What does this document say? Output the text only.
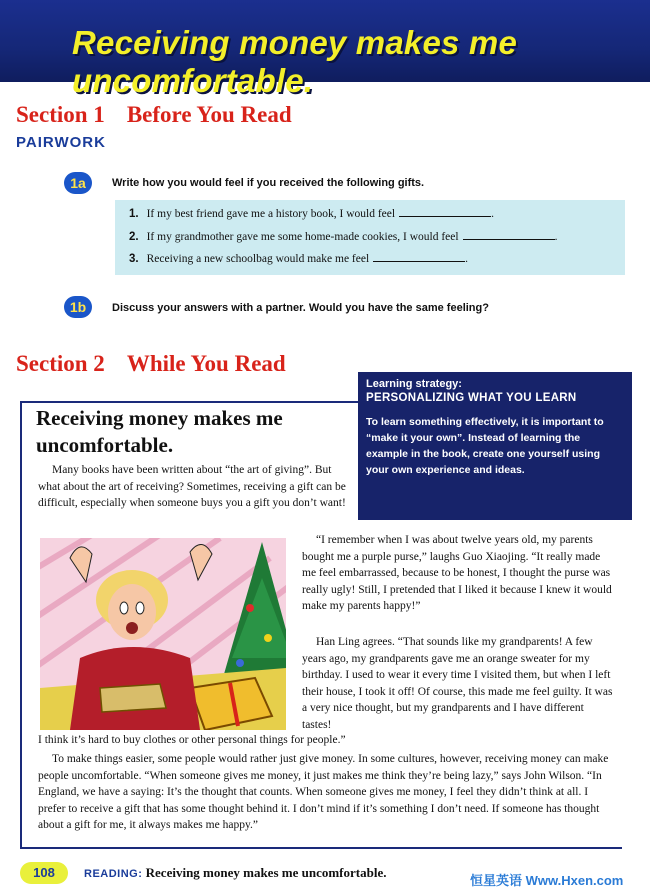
Receiving money makes me uncomfortable.
Section 1 Before You Read
PAIRWORK
1a	Write how you would feel if you received the following gifts.
1. If my best friend gave me a history book, I would feel	.
2. If my grandmother gave me some home-made cookies, I would feel	.
3. Receiving a new schoolbag would make me feel	.
1b	Discuss your answers with a partner. Would you have the same feeling?
Section 2 While You Read
Receiving money makes me uncomfortable.
Learning strategy:
PERSONALIZING WHAT YOU LEARN
To learn something effectively, it is important to “make it your own”. Instead of learning the example in the book, create one yourself using your own experience and ideas.
Many books have been written about “the art of giving”. But what about the art of receiving? Sometimes, receiving a gift can be difficult, especially when someone buys you a gift you don’t want!
“I remember when I was about twelve years old, my parents bought me a purple purse,” laughs Guo Xiaojing. “It really made me feel embarrassed, because to be honest, I thought the purse was really ugly! Still, I pretended that I liked it because I knew it would make my parents happy!”
Han Ling agrees. “That sounds like my grandparents! A few years ago, my grandparents gave me an orange sweater for my birthday. I used to wear it every time I visited them, but when I left their house, I took it off! Of course, this made me feel guilty. It was a very nice thought, but my grandparents and I have different tastes!
I think it’s hard to buy clothes or other personal things for people.”
To make things easier, some people would rather just give money. In some cultures, however, receiving money can make people uncomfortable. “When someone gives me money, it just makes me think they’re being lazy,” says John Wilson. “In England, we have a saying: It’s the thought that counts. When someone gives me money, I feel they didn’t think at all. I prefer to receive a gift that has some thought behind it. I don’t mind if it’s something I don’t need. If someone has thought about a gift for me, it always makes me happy.”
108	READING: Receiving money makes me uncomfortable.
恒星英语 Www.Hxen.com
